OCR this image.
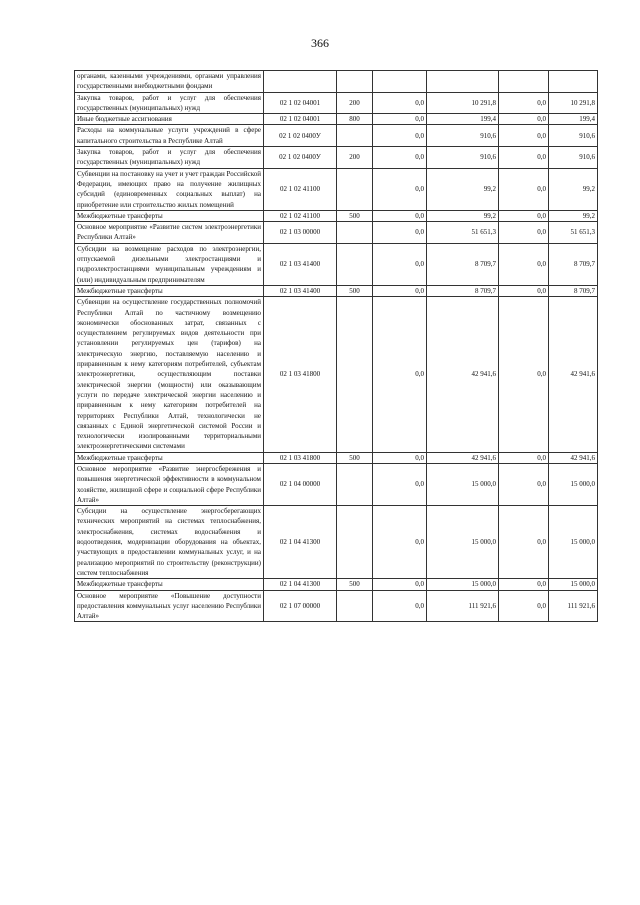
366
органами, казенными учреждениями, органами управления государственными внебюджетными фондами						
Закупка товаров, работ и услуг для обеспечения государственных (муниципальных) нужд	02 1 02 04001	200	0,0	10 291,8	0,0	10 291,8
Иные бюджетные ассигнования	02 1 02 04001	800	0,0	199,4	0,0	199,4
Расходы на коммунальные услуги учреждений в сфере капитального строительства в Республике Алтай	02 1 02 0400У		0,0	910,6	0,0	910,6
Закупка товаров, работ и услуг для обеспечения государственных (муниципальных) нужд	02 1 02 0400У	200	0,0	910,6	0,0	910,6
Субвенции на постановку на учет и учет граждан Российской Федерации, имеющих право на получение жилищных субсидий (единовременных социальных выплат) на приобретение или строительство жилых помещений	02 1 02 41100		0,0	99,2	0,0	99,2
Межбюджетные трансферты	02 1 02 41100	500	0,0	99,2	0,0	99,2
Основное мероприятие «Развитие систем электроэнергетики Республики Алтай»	02 1 03 00000		0,0	51 651,3	0,0	51 651,3
Субсидии на возмещение расходов по электроэнергии, отпускаемой дизельными электростанциями и гидроэлектростанциями муниципальным учреждениям и (или) индивидуальным предпринимателям	02 1 03 41400		0,0	8 709,7	0,0	8 709,7
Межбюджетные трансферты	02 1 03 41400	500	0,0	8 709,7	0,0	8 709,7
Субвенции на осуществление государственных полномочий Республики Алтай по частичному возмещению экономически обоснованных затрат, связанных с осуществлением регулируемых видов деятельности при установлении регулируемых цен (тарифов) на электрическую энергию, поставляемую населению и приравненным к нему категориям потребителей, субъектам электроэнергетики, осуществляющим поставки электрической энергии (мощности) или оказывающим услуги по передаче электрической энергии населению и приравненным к нему категориям потребителей на территориях Республики Алтай, технологически не связанных с Единой энергетической системой России и технологически изолированными территориальными электроэнергетическими системами	02 1 03 41800		0,0	42 941,6	0,0	42 941,6
Межбюджетные трансферты	02 1 03 41800	500	0,0	42 941,6	0,0	42 941,6
Основное мероприятие «Развитие энергосбережения и повышения энергетической эффективности в коммунальном хозяйстве, жилищной сфере и социальной сфере Республики Алтай»	02 1 04 00000		0,0	15 000,0	0,0	15 000,0
Субсидии на осуществление энергосберегающих технических мероприятий на системах теплоснабжения, электроснабжения, системах водоснабжения и водоотведения, модернизации оборудования на объектах, участвующих в предоставлении коммунальных услуг, и на реализацию мероприятий по строительству (реконструкции) систем теплоснабжения	02 1 04 41300		0,0	15 000,0	0,0	15 000,0
Межбюджетные трансферты	02 1 04 41300	500	0,0	15 000,0	0,0	15 000,0
Основное мероприятие «Повышение доступности предоставления коммунальных услуг населению Республики Алтай»	02 1 07 00000		0,0	111 921,6	0,0	111 921,6
